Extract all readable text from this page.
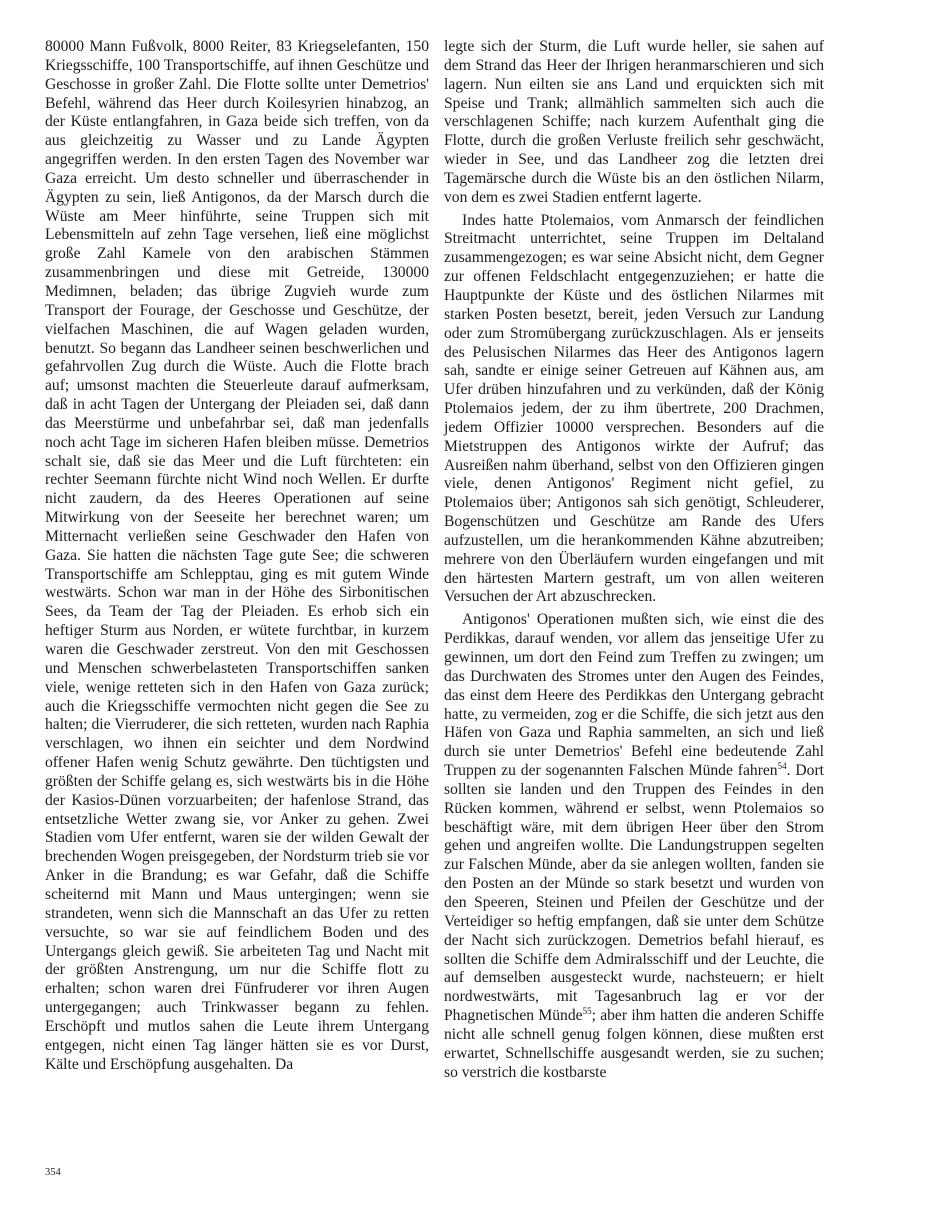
80000 Mann Fußvolk, 8000 Reiter, 83 Kriegselefanten, 150 Kriegsschiffe, 100 Transportschiffe, auf ihnen Geschütze und Geschosse in großer Zahl. Die Flotte sollte unter Demetrios' Befehl, während das Heer durch Koilesyrien hinabzog, an der Küste entlangfahren, in Gaza beide sich treffen, von da aus gleichzeitig zu Wasser und zu Lande Ägypten angegriffen werden. In den ersten Tagen des November war Gaza erreicht. Um desto schneller und überraschender in Ägypten zu sein, ließ Antigonos, da der Marsch durch die Wüste am Meer hinführte, seine Truppen sich mit Lebensmitteln auf zehn Tage versehen, ließ eine möglichst große Zahl Kamele von den arabischen Stämmen zusammenbringen und diese mit Getreide, 130000 Medimnen, beladen; das übrige Zugvieh wurde zum Transport der Fourage, der Geschosse und Geschütze, der vielfachen Maschinen, die auf Wagen geladen wurden, benutzt. So begann das Landheer seinen beschwerlichen und gefahrvollen Zug durch die Wüste. Auch die Flotte brach auf; umsonst machten die Steuerleute darauf aufmerksam, daß in acht Tagen der Untergang der Pleiaden sei, daß dann das Meerstürme und unbefahrbar sei, daß man jedenfalls noch acht Tage im sicheren Hafen bleiben müsse. Demetrios schalt sie, daß sie das Meer und die Luft fürchteten: ein rechter Seemann fürchte nicht Wind noch Wellen. Er durfte nicht zaudern, da des Heeres Operationen auf seine Mitwirkung von der Seeseite her berechnet waren; um Mitternacht verließen seine Geschwader den Hafen von Gaza. Sie hatten die nächsten Tage gute See; die schweren Transportschiffe am Schlepptau, ging es mit gutem Winde westwärts. Schon war man in der Höhe des Sirbonitischen Sees, da Team der Tag der Pleiaden. Es erhob sich ein heftiger Sturm aus Norden, er wütete furchtbar, in kurzem waren die Geschwader zerstreut. Von den mit Geschossen und Menschen schwerbelasteten Transportschiffen sanken viele, wenige retteten sich in den Hafen von Gaza zurück; auch die Kriegsschiffe vermochten nicht gegen die See zu halten; die Vierruderer, die sich retteten, wurden nach Raphia verschlagen, wo ihnen ein seichter und dem Nordwind offener Hafen wenig Schutz gewährte. Den tüchtigsten und größten der Schiffe gelang es, sich westwärts bis in die Höhe der Kasios-Dünen vorzuarbeiten; der hafenlose Strand, das entsetzliche Wetter zwang sie, vor Anker zu gehen. Zwei Stadien vom Ufer entfernt, waren sie der wilden Gewalt der brechenden Wogen preisgegeben, der Nordsturm trieb sie vor Anker in die Brandung; es war Gefahr, daß die Schiffe scheiternd mit Mann und Maus untergingen; wenn sie strandeten, wenn sich die Mannschaft an das Ufer zu retten versuchte, so war sie auf feindlichem Boden und des Untergangs gleich gewiß. Sie arbeiteten Tag und Nacht mit der größten Anstrengung, um nur die Schiffe flott zu erhalten; schon waren drei Fünfruderer vor ihren Augen untergegangen; auch Trinkwasser begann zu fehlen. Erschöpft und mutlos sahen die Leute ihrem Untergang entgegen, nicht einen Tag länger hätten sie es vor Durst, Kälte und Erschöpfung ausgehalten. Da

legte sich der Sturm, die Luft wurde heller, sie sahen auf dem Strand das Heer der Ihrigen heranmarschieren und sich lagern. Nun eilten sie ans Land und erquickten sich mit Speise und Trank; allmählich sammelten sich auch die verschlagenen Schiffe; nach kurzem Aufenthalt ging die Flotte, durch die großen Verluste freilich sehr geschwächt, wieder in See, und das Landheer zog die letzten drei Tagemärsche durch die Wüste bis an den östlichen Nilarm, von dem es zwei Stadien entfernt lagerte.

Indes hatte Ptolemaios, vom Anmarsch der feindlichen Streitmacht unterrichtet, seine Truppen im Deltaland zusammengezogen; es war seine Absicht nicht, dem Gegner zur offenen Feldschlacht entgegenzuziehen; er hatte die Hauptpunkte der Küste und des östlichen Nilarmes mit starken Posten besetzt, bereit, jeden Versuch zur Landung oder zum Stromübergang zurückzuschlagen. Als er jenseits des Pelusischen Nilarmes das Heer des Antigonos lagern sah, sandte er einige seiner Getreuen auf Kähnen aus, am Ufer drüben hinzufahren und zu verkünden, daß der König Ptolemaios jedem, der zu ihm übertrete, 200 Drachmen, jedem Offizier 10000 versprechen. Besonders auf die Mietstruppen des Antigonos wirkte der Aufruf; das Ausreißen nahm überhand, selbst von den Offizieren gingen viele, denen Antigonos' Regiment nicht gefiel, zu Ptolemaios über; Antigonos sah sich genötigt, Schleuderer, Bogenschützen und Geschütze am Rande des Ufers aufzustellen, um die herankommenden Kähne abzutreiben; mehrere von den Überläufern wurden eingefangen und mit den härtesten Martern gestraft, um von allen weiteren Versuchen der Art abzuschrecken.

Antigonos' Operationen mußten sich, wie einst die des Perdikkas, darauf wenden, vor allem das jenseitige Ufer zu gewinnen, um dort den Feind zum Treffen zu zwingen; um das Durchwaten des Stromes unter den Augen des Feindes, das einst dem Heere des Perdikkas den Untergang gebracht hatte, zu vermeiden, zog er die Schiffe, die sich jetzt aus den Häfen von Gaza und Raphia sammelten, an sich und ließ durch sie unter Demetrios' Befehl eine bedeutende Zahl Truppen zu der sogenannten Falschen Münde fahren$^{54}$. Dort sollten sie landen und den Truppen des Feindes in den Rücken kommen, während er selbst, wenn Ptolemaios so beschäftigt wäre, mit dem übrigen Heer über den Strom gehen und angreifen wollte. Die Landungstruppen segelten zur Falschen Münde, aber da sie anlegen wollten, fanden sie den Posten an der Münde so stark besetzt und wurden von den Speeren, Steinen und Pfeilen der Geschütze und der Verteidiger so heftig empfangen, daß sie unter dem Schütze der Nacht sich zurückzogen. Demetrios befahl hierauf, es sollten die Schiffe dem Admiralsschiff und der Leuchte, die auf demselben ausgesteckt wurde, nachsteuern; er hielt nordwestwärts, mit Tagesanbruch lag er vor der Phagnetischen Münde$^{55}$; aber ihm hatten die anderen Schiffe nicht alle schnell genug folgen können, diese mußten erst erwartet, Schnellschiffe ausgesandt werden, sie zu suchen; so verstrich die kostbarste

354
